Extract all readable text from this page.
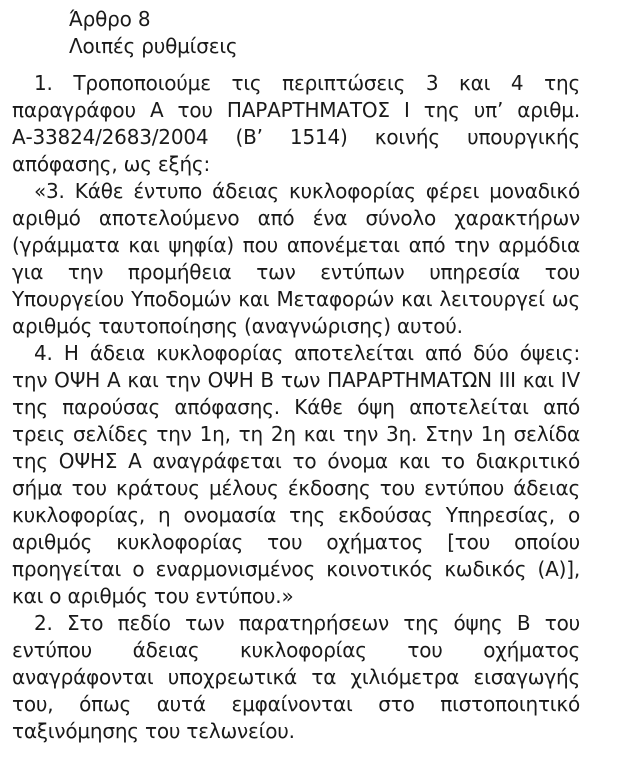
Άρθρο 8

Λοιπές ρυθμίσεις

1. Τροποποιούμε τις περιπτώσεις 3 και 4 της παραγράφου Α του ΠΑΡΑΡΤΗΜΑΤΟΣ Ι της υπ’ αριθμ. Α-33824/2683/2004 (Β’ 1514) κοινής υπουργικής απόφασης, ως εξής:

«3. Κάθε έντυπο άδειας κυκλοφορίας φέρει μοναδικό αριθμό αποτελούμενο από ένα σύνολο χαρακτήρων (γράμματα και ψηφία) που απονέμεται από την αρμόδια για την προμήθεια των εντύπων υπηρεσία του Υπουργείου Υποδομών και Μεταφορών και λειτουργεί ως αριθμός ταυτοποίησης (αναγνώρισης) αυτού.

4. Η άδεια κυκλοφορίας αποτελείται από δύο όψεις: την ΟΨΗ Α και την ΟΨΗ Β των ΠΑΡΑΡΤΗΜΑΤΩΝ ΙΙΙ και IV της παρούσας απόφασης. Κάθε όψη αποτελείται από τρεις σελίδες την 1η, τη 2η και την 3η. Στην 1η σελίδα της ΟΨΗΣ Α αναγράφεται το όνομα και το διακριτικό σήμα του κράτους μέλους έκδοσης του εντύπου άδειας κυκλοφορίας, η ονομασία της εκδούσας Υπηρεσίας, ο αριθμός κυκλοφορίας του οχήματος [του οποίου προηγείται ο εναρμονισμένος κοινοτικός κωδικός (Α)], και ο αριθμός του εντύπου.»

2. Στο πεδίο των παρατηρήσεων της όψης Β του εντύπου άδειας κυκλοφορίας του οχήματος αναγράφονται υποχρεωτικά τα χιλιόμετρα εισαγωγής του, όπως αυτά εμφαίνονται στο πιστοποιητικό ταξινόμησης του τελωνείου.
